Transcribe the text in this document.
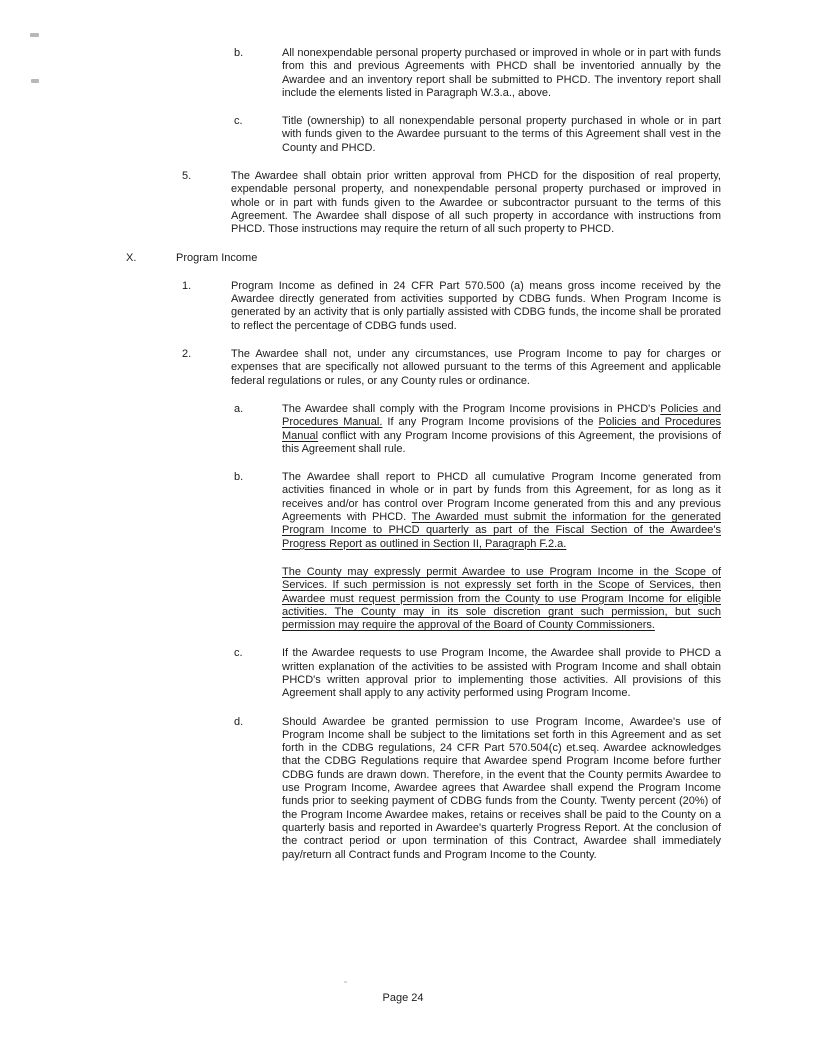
b.	All nonexpendable personal property purchased or improved in whole or in part with funds from this and previous Agreements with PHCD shall be inventoried annually by the Awardee and an inventory report shall be submitted to PHCD. The inventory report shall include the elements listed in Paragraph W.3.a., above.

c.	Title (ownership) to all nonexpendable personal property purchased in whole or in part with funds given to the Awardee pursuant to the terms of this Agreement shall vest in the County and PHCD.

5.	The Awardee shall obtain prior written approval from PHCD for the disposition of real property, expendable personal property, and nonexpendable personal property purchased or improved in whole or in part with funds given to the Awardee or subcontractor pursuant to the terms of this Agreement. The Awardee shall dispose of all such property in accordance with instructions from PHCD. Those instructions may require the return of all such property to PHCD.

X.	Program Income

1.	Program Income as defined in 24 CFR Part 570.500 (a) means gross income received by the Awardee directly generated from activities supported by CDBG funds. When Program Income is generated by an activity that is only partially assisted with CDBG funds, the income shall be prorated to reflect the percentage of CDBG funds used.

2.	The Awardee shall not, under any circumstances, use Program Income to pay for charges or expenses that are specifically not allowed pursuant to the terms of this Agreement and applicable federal regulations or rules, or any County rules or ordinance.

a.	The Awardee shall comply with the Program Income provisions in PHCD's Policies and Procedures Manual. If any Program Income provisions of the Policies and Procedures Manual conflict with any Program Income provisions of this Agreement, the provisions of this Agreement shall rule.

b.	The Awardee shall report to PHCD all cumulative Program Income generated from activities financed in whole or in part by funds from this Agreement, for as long as it receives and/or has control over Program Income generated from this and any previous Agreements with PHCD. The Awarded must submit the information for the generated Program Income to PHCD quarterly as part of the Fiscal Section of the Awardee's Progress Report as outlined in Section II, Paragraph F.2.a.

The County may expressly permit Awardee to use Program Income in the Scope of Services. If such permission is not expressly set forth in the Scope of Services, then Awardee must request permission from the County to use Program Income for eligible activities. The County may in its sole discretion grant such permission, but such permission may require the approval of the Board of County Commissioners.

c.	If the Awardee requests to use Program Income, the Awardee shall provide to PHCD a written explanation of the activities to be assisted with Program Income and shall obtain PHCD's written approval prior to implementing those activities. All provisions of this Agreement shall apply to any activity performed using Program Income.

d.	Should Awardee be granted permission to use Program Income, Awardee's use of Program Income shall be subject to the limitations set forth in this Agreement and as set forth in the CDBG regulations, 24 CFR Part 570.504(c) et.seq. Awardee acknowledges that the CDBG Regulations require that Awardee spend Program Income before further CDBG funds are drawn down. Therefore, in the event that the County permits Awardee to use Program Income, Awardee agrees that Awardee shall expend the Program Income funds prior to seeking payment of CDBG funds from the County. Twenty percent (20%) of the Program Income Awardee makes, retains or receives shall be paid to the County on a quarterly basis and reported in Awardee's quarterly Progress Report. At the conclusion of the contract period or upon termination of this Contract, Awardee shall immediately pay/return all Contract funds and Program Income to the County.

Page 24
